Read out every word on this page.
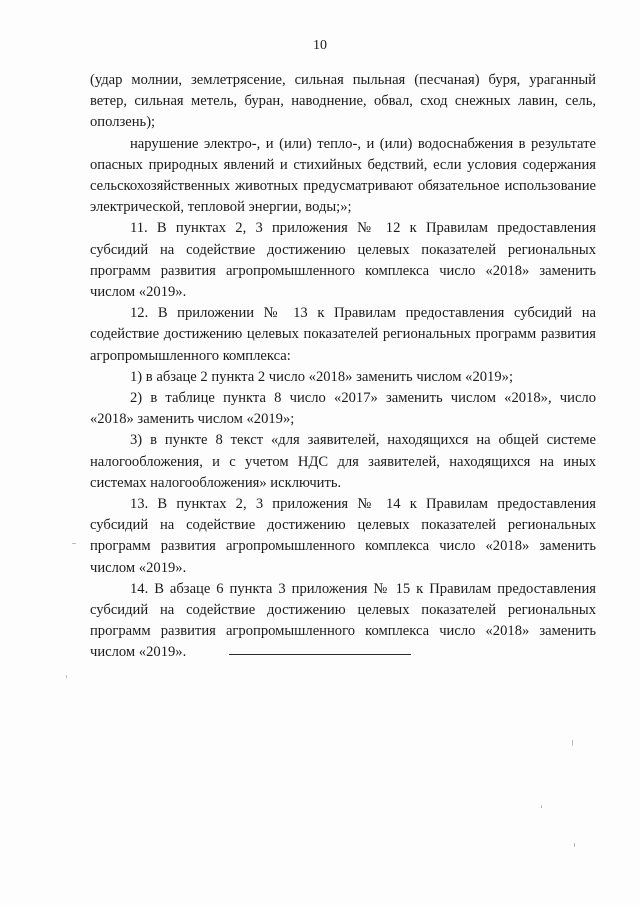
10

(удар молнии, землетрясение, сильная пыльная (песчаная) буря, ураганный ветер, сильная метель, буран, наводнение, обвал, сход снежных лавин, сель, оползень);

нарушение электро-, и (или) тепло-, и (или) водоснабжения в результате опасных природных явлений и стихийных бедствий, если условия содержания сельскохозяйственных животных предусматривают обязательное использование электрической, тепловой энергии, воды;»;

11. В пунктах 2, 3 приложения № 12 к Правилам предоставления субсидий на содействие достижению целевых показателей региональных программ развития агропромышленного комплекса число «2018» заменить числом «2019».

12. В приложении № 13 к Правилам предоставления субсидий на содействие достижению целевых показателей региональных программ развития агропромышленного комплекса:

1) в абзаце 2 пункта 2 число «2018» заменить числом «2019»;

2) в таблице пункта 8 число «2017» заменить числом «2018», число «2018» заменить числом «2019»;

3) в пункте 8 текст «для заявителей, находящихся на общей системе налогообложения, и с учетом НДС для заявителей, находящихся на иных системах налогообложения» исключить.

13. В пунктах 2, 3 приложения № 14 к Правилам предоставления субсидий на содействие достижению целевых показателей региональных программ развития агропромышленного комплекса число «2018» заменить числом «2019».

14. В абзаце 6 пункта 3 приложения № 15 к Правилам предоставления субсидий на содействие достижению целевых показателей региональных программ развития агропромышленного комплекса число «2018» заменить числом «2019».
